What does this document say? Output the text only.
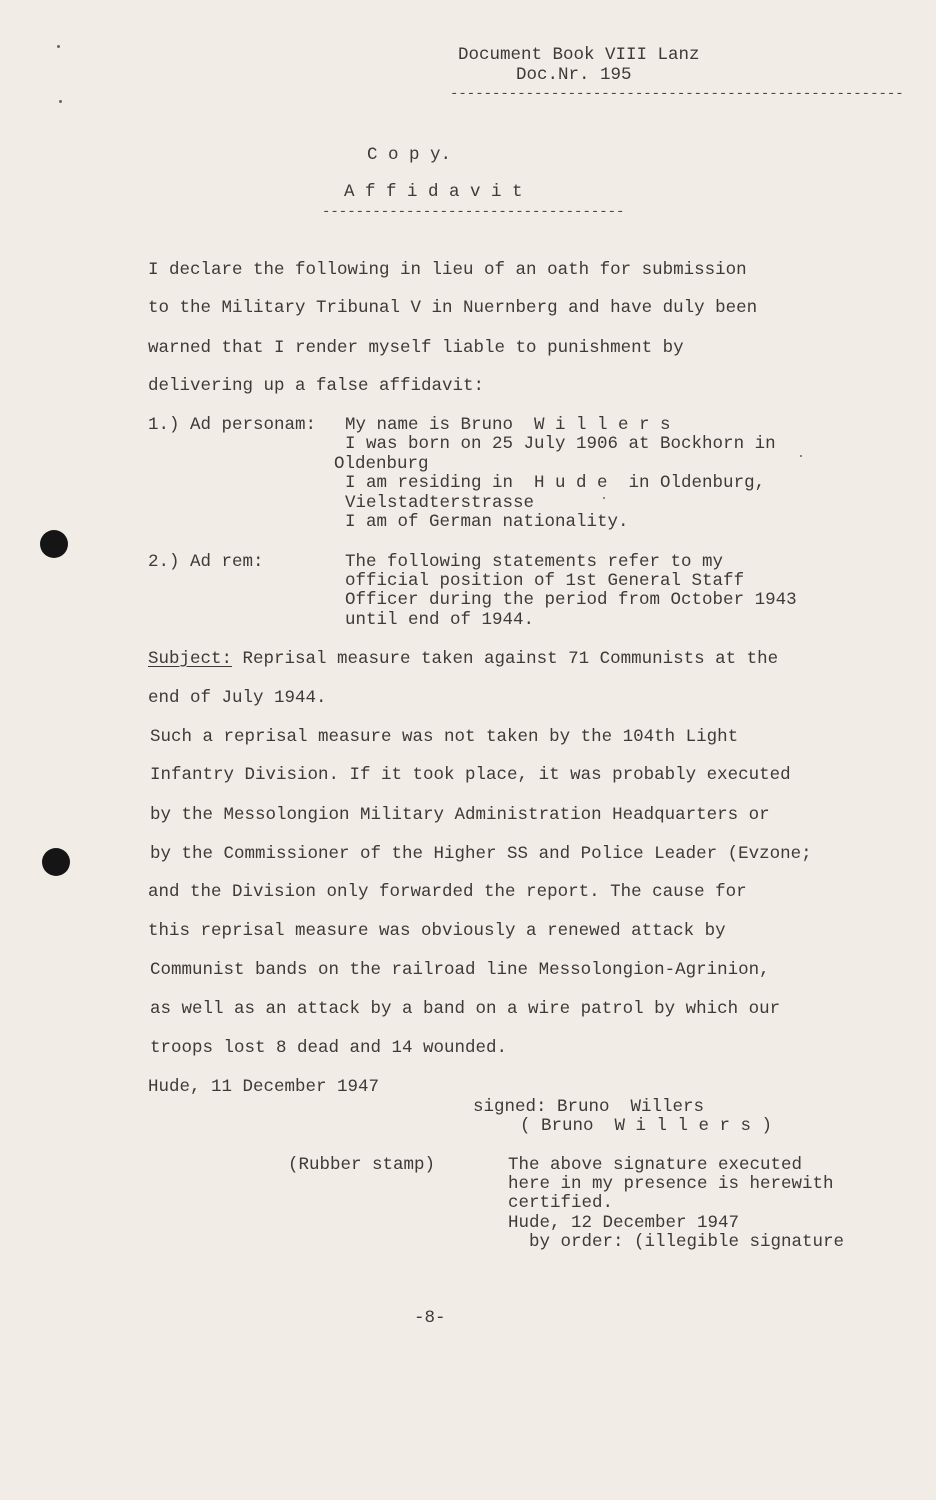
Document Book VIII Lanz
Doc.Nr. 195
------------------------------------------------------
C o p y.
A f f i d a v i t
------------------------------------
I declare the following in lieu of an oath for submission
to the Military Tribunal V in Nuernberg and have duly been
warned that I render myself liable to punishment by
delivering up a false affidavit:
1.) Ad personam: My name is Bruno  W i l l e r s
I was born on 25 July 1906 at Bockhorn in
Oldenburg
I am residing in  H u d e  in Oldenburg,
Vielstadterstrasse
I am of German nationality.
2.) Ad rem:	The following statements refer to my
official position of 1st General Staff
Officer during the period from October 1943
until end of 1944.
Subject: Reprisal measure taken against 71 Communists at the
end of July 1944.
Such a reprisal measure was not taken by the 104th Light
Infantry Division. If it took place, it was probably executed
by the Messolongion Military Administration Headquarters or
by the Commissioner of the Higher SS and Police Leader (Evzone;
and the Division only forwarded the report. The cause for
this reprisal measure was obviously a renewed attack by
Communist bands on the railroad line Messolongion-Agrinion,
as well as an attack by a band on a wire patrol by which our
troops lost 8 dead and 14 wounded.
Hude, 11 December 1947
signed: Bruno  Willers
( Bruno  W i l l e r s )
(Rubber stamp)	The above signature executed
here in my presence is herewith
certified.
Hude, 12 December 1947
by order: (illegible signature
-8-
